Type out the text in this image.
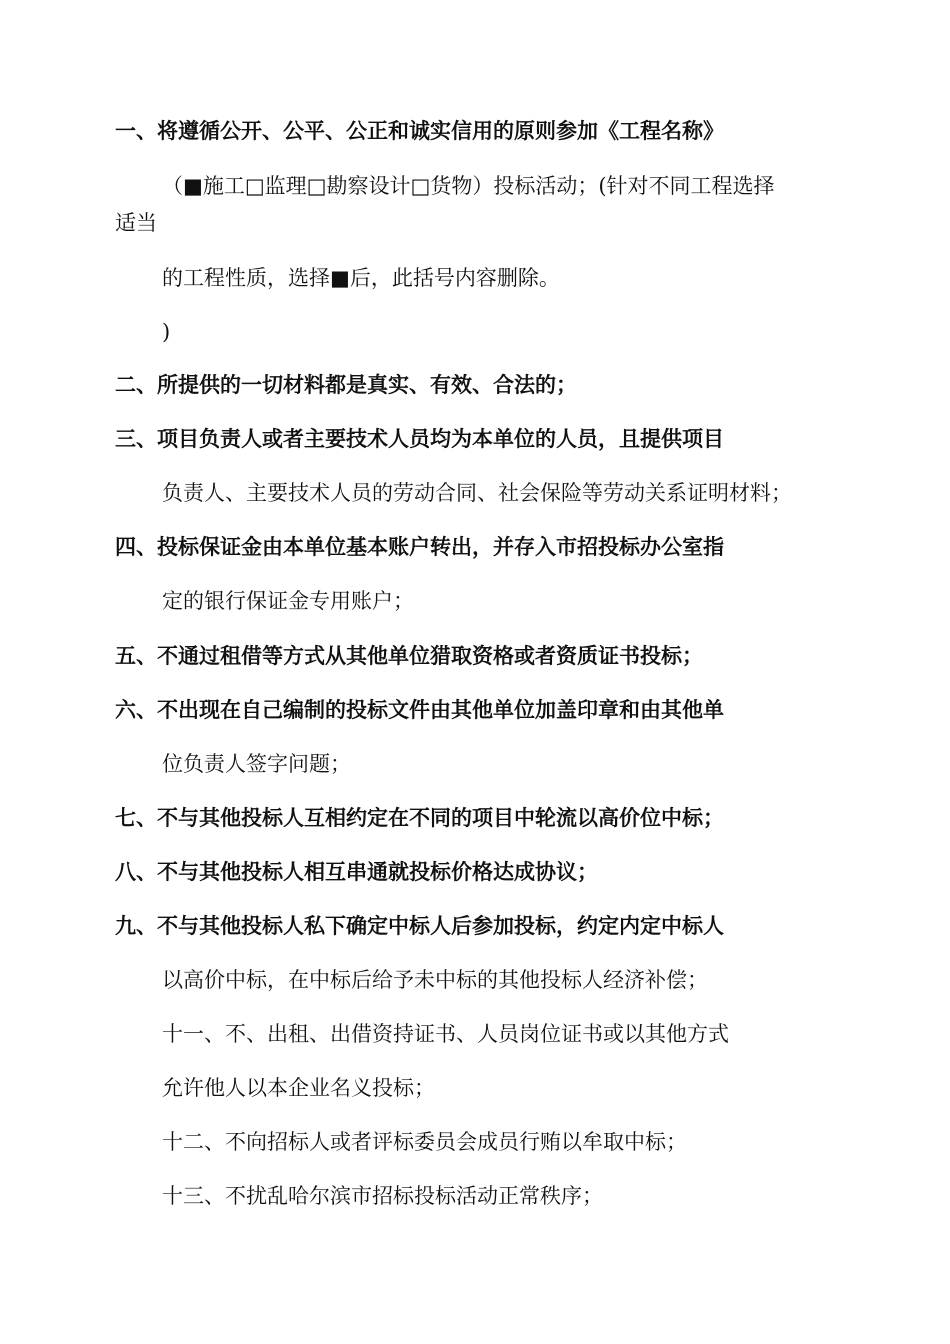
一、将遵循公开、公平、公正和诚实信用的原则参加《工程名称》
（■施工□监理□勘察设计□货物）投标活动；(针对不同工程选择
适当
的工程性质，选择■后，此括号内容删除。
)
二、所提供的一切材料都是真实、有效、合法的；
三、项目负责人或者主要技术人员均为本单位的人员，且提供项目
负责人、主要技术人员的劳动合同、社会保险等劳动关系证明材料；
四、投标保证金由本单位基本账户转出，并存入市招投标办公室指
定的银行保证金专用账户；
五、不通过租借等方式从其他单位猎取资格或者资质证书投标；
六、不出现在自己编制的投标文件由其他单位加盖印章和由其他单
位负责人签字问题；
七、不与其他投标人互相约定在不同的项目中轮流以高价位中标；
八、不与其他投标人相互串通就投标价格达成协议；
九、不与其他投标人私下确定中标人后参加投标，约定内定中标人
以高价中标，在中标后给予未中标的其他投标人经济补偿；
十一、不、出租、出借资持证书、人员岗位证书或以其他方式
允许他人以本企业名义投标；
十二、不向招标人或者评标委员会成员行贿以牟取中标；
十三、不扰乱哈尔滨市招标投标活动正常秩序；
